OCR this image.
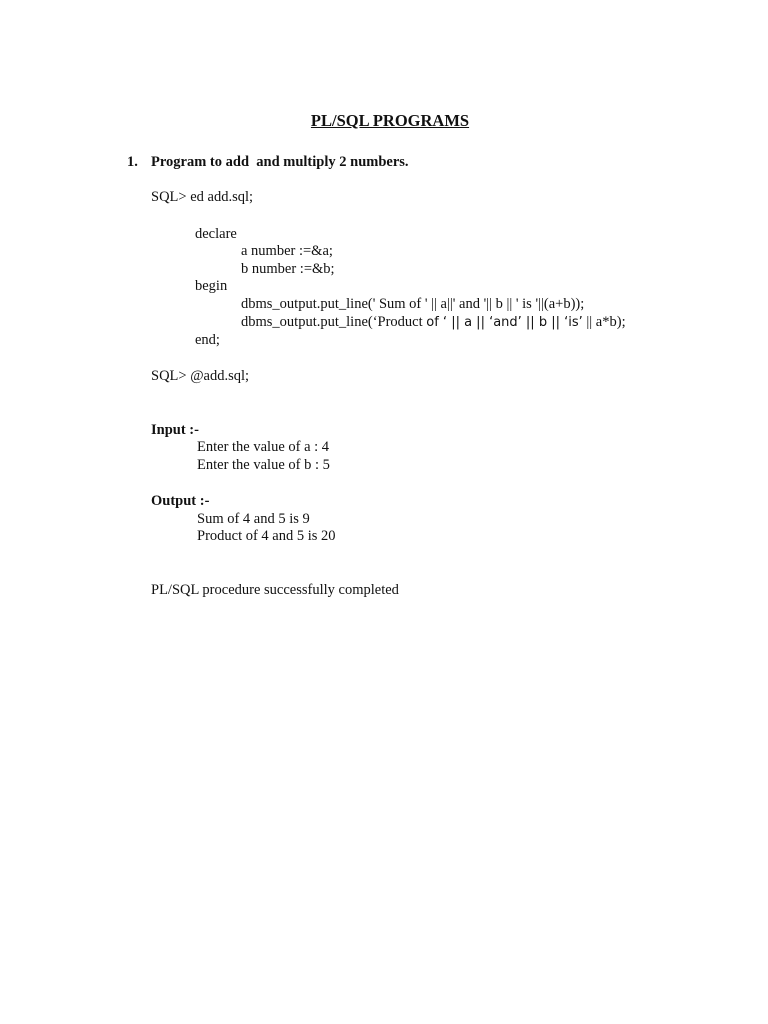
PL/SQL PROGRAMS
1. Program to add  and multiply 2 numbers.
SQL> ed add.sql;
declare
a number :=&a;
b number :=&b;
begin
dbms_output.put_line(' Sum of ' || a||' and '|| b || ' is '||(a+b));
dbms_output.put_line(‘Product of ‘ || a || ‘and’ || b || ‘is’ || a*b);
end;
SQL> @add.sql;
Input :-
Enter the value of a : 4
Enter the value of b : 5
Output :-
Sum of 4 and 5 is 9
Product of 4 and 5 is 20
PL/SQL procedure successfully completed
